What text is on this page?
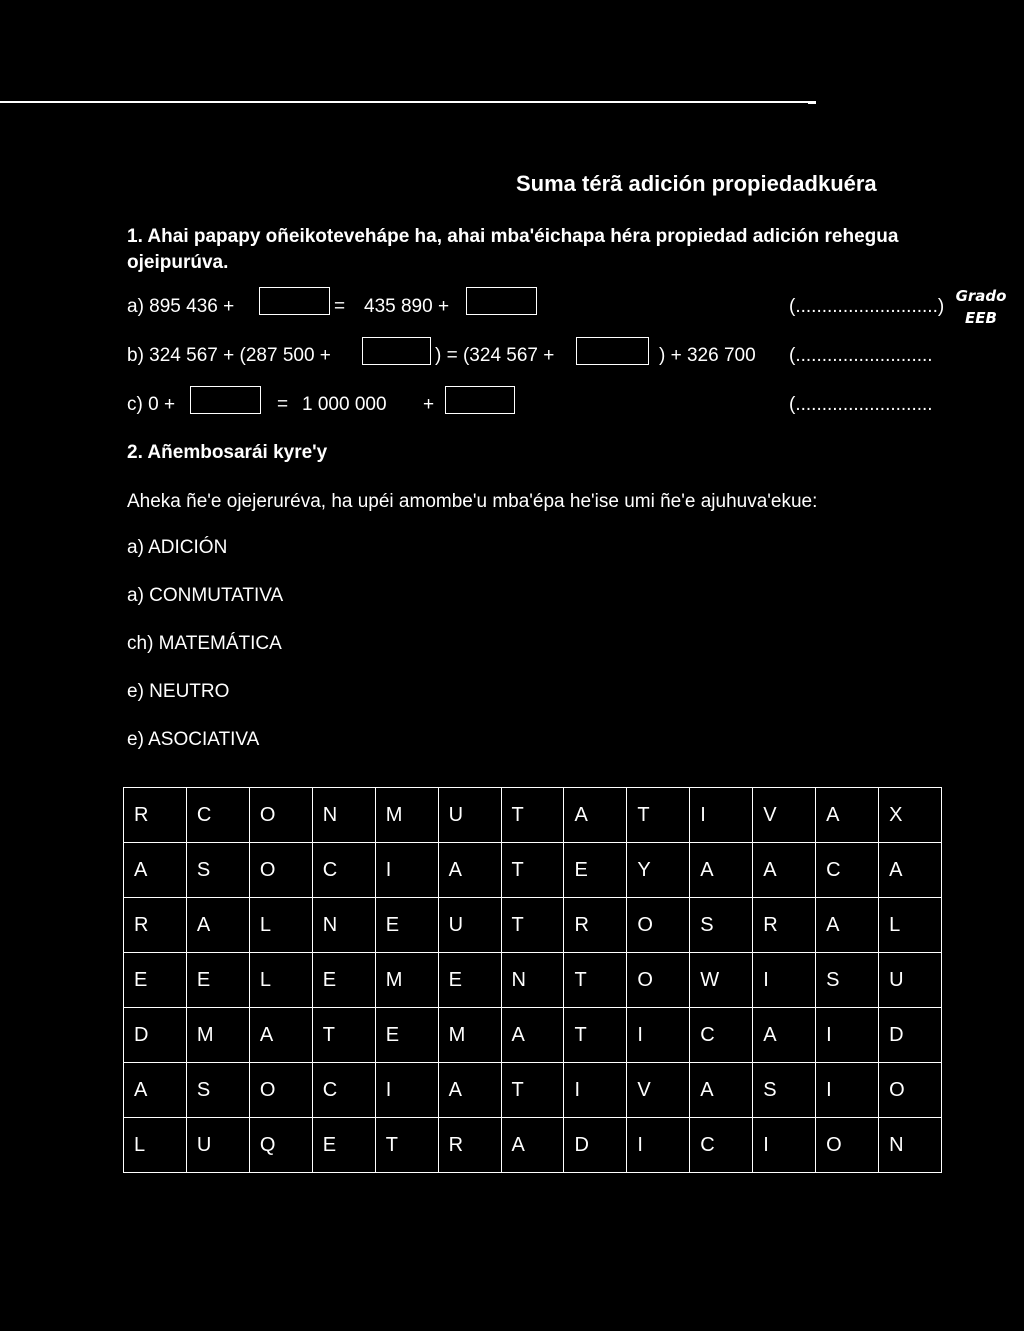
Suma térã adición propiedadkuéra
Grado
EEB
1. Ahai papapy oñeikotevehápe ha, ahai mba'éichapa héra propiedad adición rehegua ojeipurúva.
a) 895 436 +	= 435 890 +	(...........................)
b) 324 567 + (287 500 +	) = (324 567 +	) + 326 700 (..........................
c) 0 +	= 1 000 000 +	(..........................
2. Añembosarái kyre'y
Aheka ñe'e ojejeruréva, ha upéi amombe'u mba'épa he'ise umi ñe'e ajuhuva'ekue:
a) ADICIÓN
a) CONMUTATIVA
ch) MATEMÁTICA
e) NEUTRO
e) ASOCIATIVA
R	C	O	N	M	U	T	A	T	I	V	A	X
A	S	O	C	I	A	T	E	Y	A	A	C	A
R	A	L	N	E	U	T	R	O	S	R	A	L
E	E	L	E	M	E	N	T	O	W	I	S	U
D	M	A	T	E	M	A	T	I	C	A	I	D
A	S	O	C	I	A	T	I	V	A	S	I	O
L	U	Q	E	T	R	A	D	I	C	I	O	N
